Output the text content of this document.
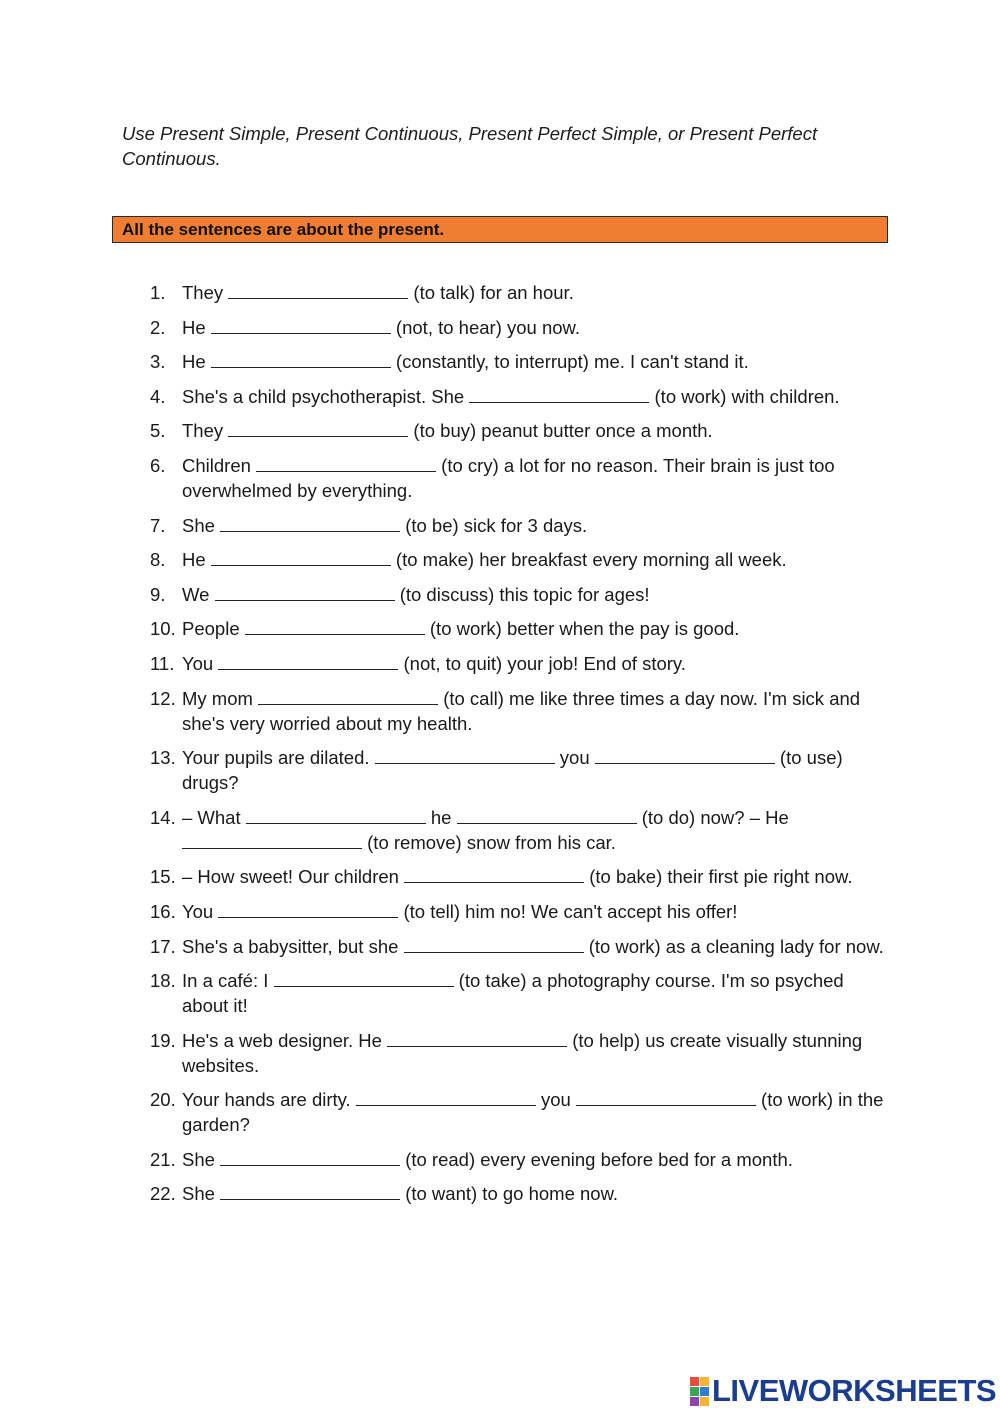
Use Present Simple, Present Continuous, Present Perfect Simple, or Present Perfect Continuous.
All the sentences are about the present.
1. They	(to talk) for an hour.
2. He	(not, to hear) you now.
3. He	(constantly, to interrupt) me. I can't stand it.
4. She's a child psychotherapist. She	(to work) with children.
5. They	(to buy) peanut butter once a month.
6. Children	(to cry) a lot for no reason. Their brain is just too overwhelmed by everything.
7. She	(to be) sick for 3 days.
8. He	(to make) her breakfast every morning all week.
9. We	(to discuss) this topic for ages!
10. People	(to work) better when the pay is good.
11. You	(not, to quit) your job! End of story.
12. My mom	(to call) me like three times a day now. I'm sick and she's very worried about my health.
13. Your pupils are dilated.	you	(to use) drugs?
14. – What	he	(to do) now? – He  (to remove) snow from his car.
15. – How sweet! Our children	(to bake) their first pie right now.
16. You	(to tell) him no! We can't accept his offer!
17. She's a babysitter, but she	(to work) as a cleaning lady for now.
18. In a café: I	(to take) a photography course. I'm so psyched about it!
19. He's a web designer. He	(to help) us create visually stunning websites.
20. Your hands are dirty.	you	(to work) in the garden?
21. She	(to read) every evening before bed for a month.
22. She	(to want) to go home now.
LIVEWORKSHEETS
